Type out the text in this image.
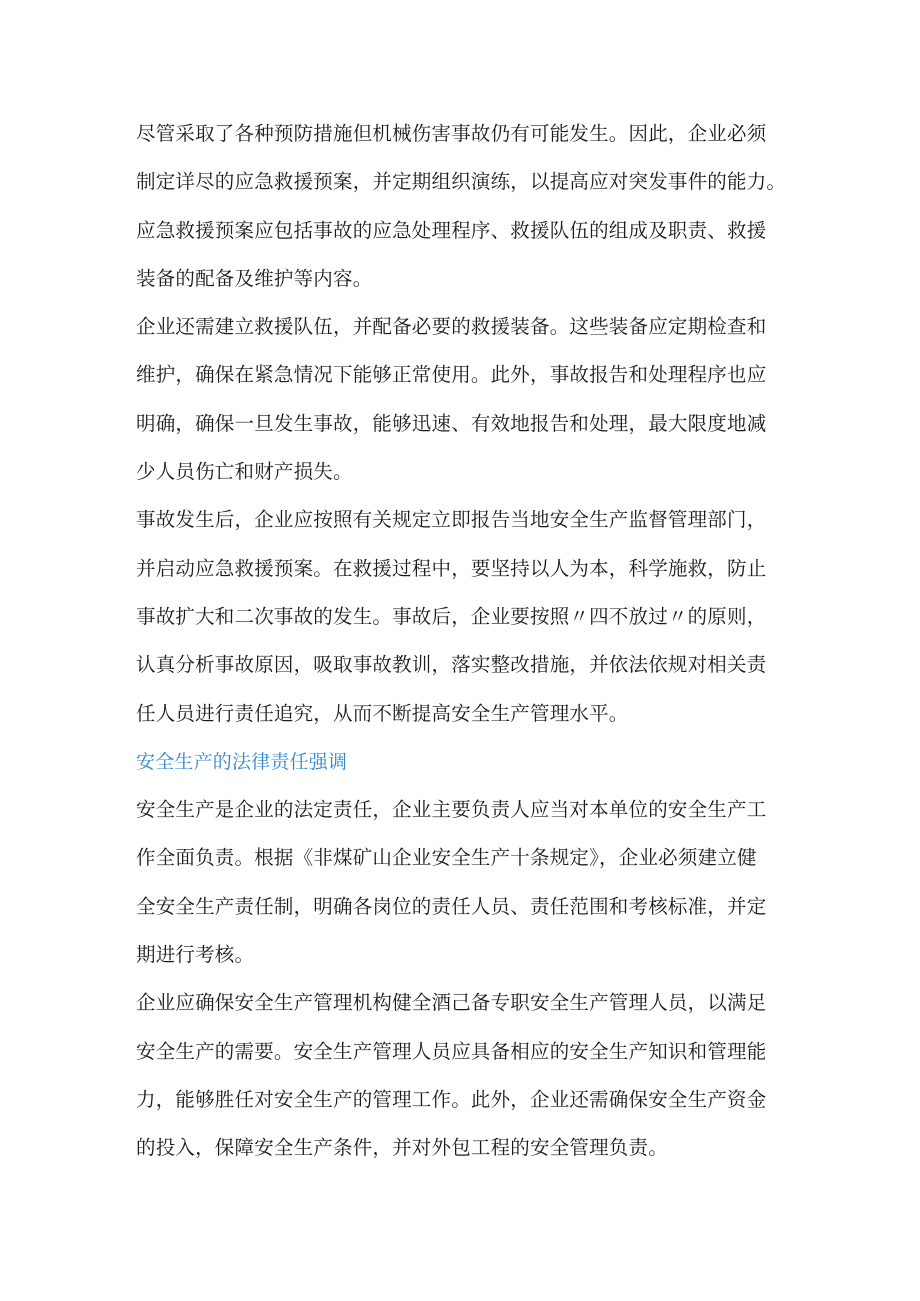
尽管采取了各种预防措施但机械伤害事故仍有可能发生。因此，企业必须
制定详尽的应急救援预案，并定期组织演练，以提高应对突发事件的能力。
应急救援预案应包括事故的应急处理程序、救援队伍的组成及职责、救援
装备的配备及维护等内容。
企业还需建立救援队伍，并配备必要的救援装备。这些装备应定期检查和
维护，确保在紧急情况下能够正常使用。此外，事故报告和处理程序也应
明确，确保一旦发生事故，能够迅速、有效地报告和处理，最大限度地减
少人员伤亡和财产损失。
事故发生后，企业应按照有关规定立即报告当地安全生产监督管理部门，
并启动应急救援预案。在救援过程中，要坚持以人为本，科学施救，防止
事故扩大和二次事故的发生。事故后，企业要按照〃四不放过〃的原则，
认真分析事故原因，吸取事故教训，落实整改措施，并依法依规对相关责
任人员进行责任追究，从而不断提高安全生产管理水平。
安全生产的法律责任强调
安全生产是企业的法定责任，企业主要负责人应当对本单位的安全生产工
作全面负责。根据《非煤矿山企业安全生产十条规定》，企业必须建立健
全安全生产责任制，明确各岗位的责任人员、责任范围和考核标准，并定
期进行考核。
企业应确保安全生产管理机构健全酒己备专职安全生产管理人员，以满足
安全生产的需要。安全生产管理人员应具备相应的安全生产知识和管理能
力，能够胜任对安全生产的管理工作。此外，企业还需确保安全生产资金
的投入，保障安全生产条件，并对外包工程的安全管理负责。
